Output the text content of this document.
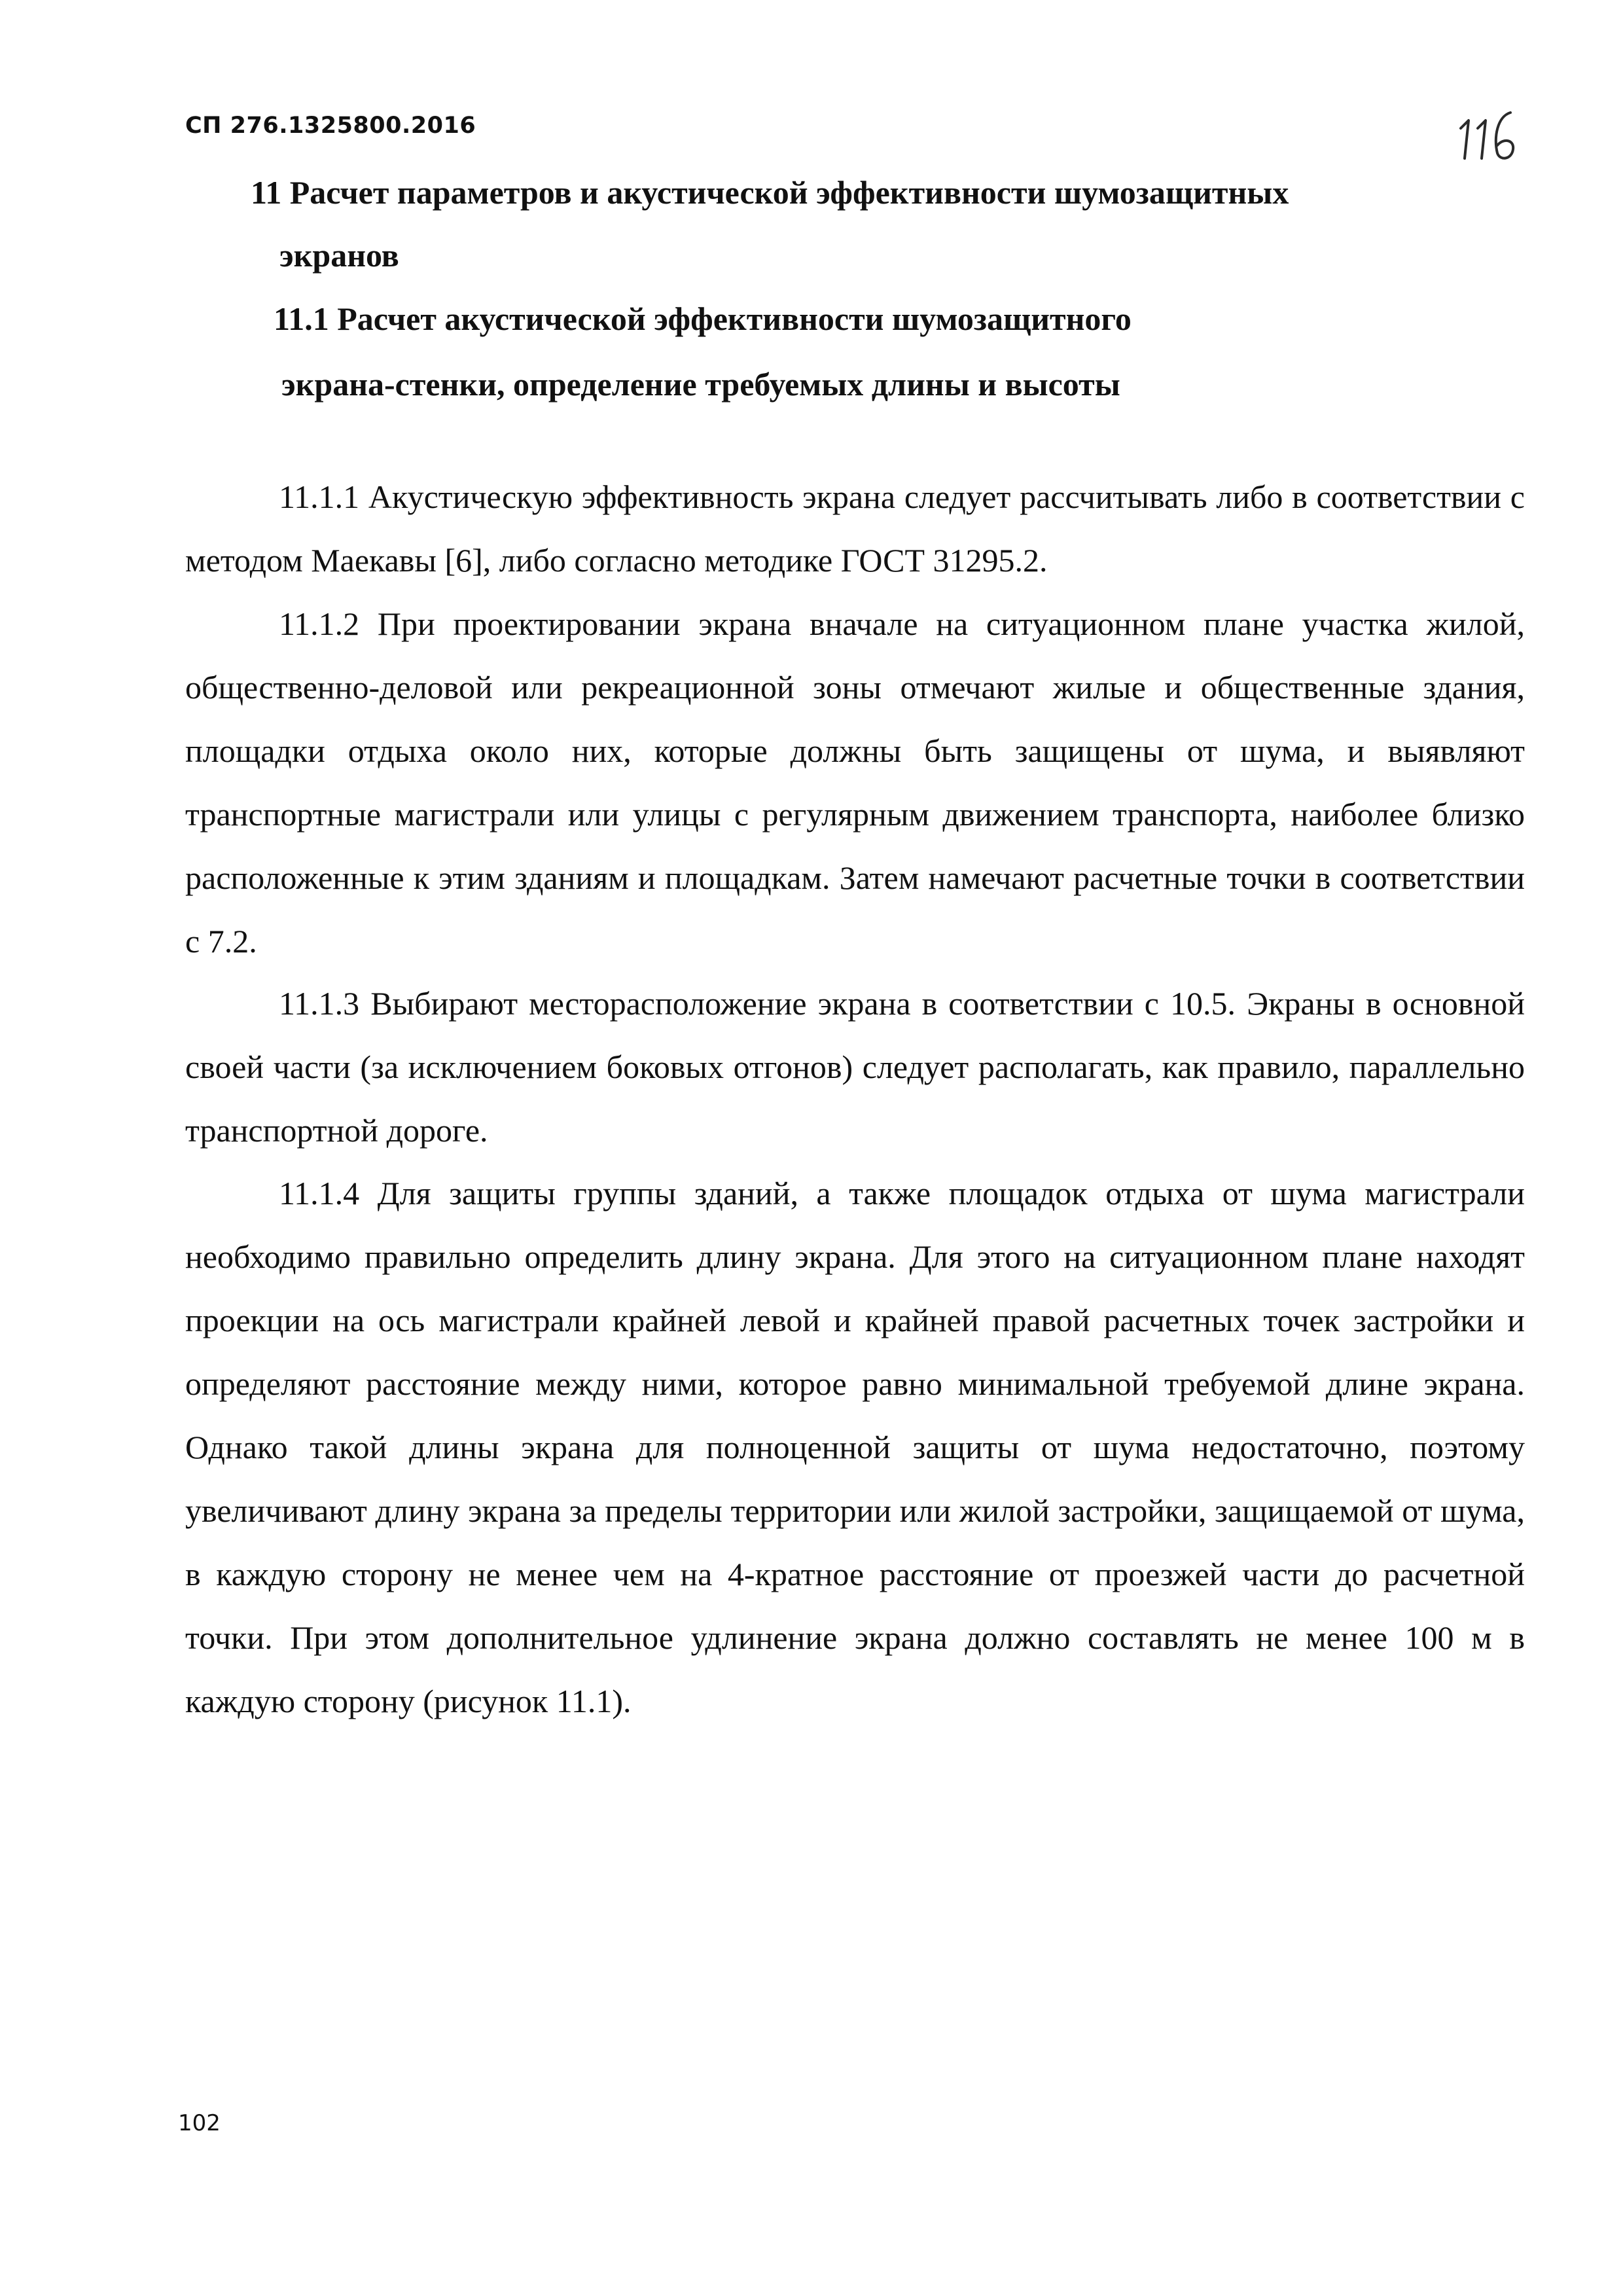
СП 276.1325800.2016
11 Расчет параметров и акустической эффективности шумозащитных
экранов
11.1 Расчет акустической эффективности шумозащитного
экрана-стенки, определение требуемых длины и высоты

11.1.1 Акустическую эффективность экрана следует рассчитывать либо в соответствии с методом Маекавы [6], либо согласно методике ГОСТ 31295.2.

11.1.2 При проектировании экрана вначале на ситуационном плане участка жилой, общественно-деловой или рекреационной зоны отмечают жилые и общественные здания, площадки отдыха около них, которые должны быть защищены от шума, и выявляют транспортные магистрали или улицы с регулярным движением транспорта, наиболее близко расположенные к этим зданиям и площадкам. Затем намечают расчетные точки в соответствии с 7.2.

11.1.3 Выбирают месторасположение экрана в соответствии с 10.5. Экраны в основной своей части (за исключением боковых отгонов) следует располагать, как правило, параллельно транспортной дороге.

11.1.4 Для защиты группы зданий, а также площадок отдыха от шума магистрали необходимо правильно определить длину экрана. Для этого на ситуационном плане находят проекции на ось магистрали крайней левой и крайней правой расчетных точек застройки и определяют расстояние между ними, которое равно минимальной требуемой длине экрана. Однако такой длины экрана для полноценной защиты от шума недостаточно, поэтому увеличивают длину экрана за пределы территории или жилой застройки, защищаемой от шума, в каждую сторону не менее чем на 4-кратное расстояние от проезжей части до расчетной точки. При этом дополнительное удлинение экрана должно составлять не менее 100 м в каждую сторону (рисунок 11.1).

102
